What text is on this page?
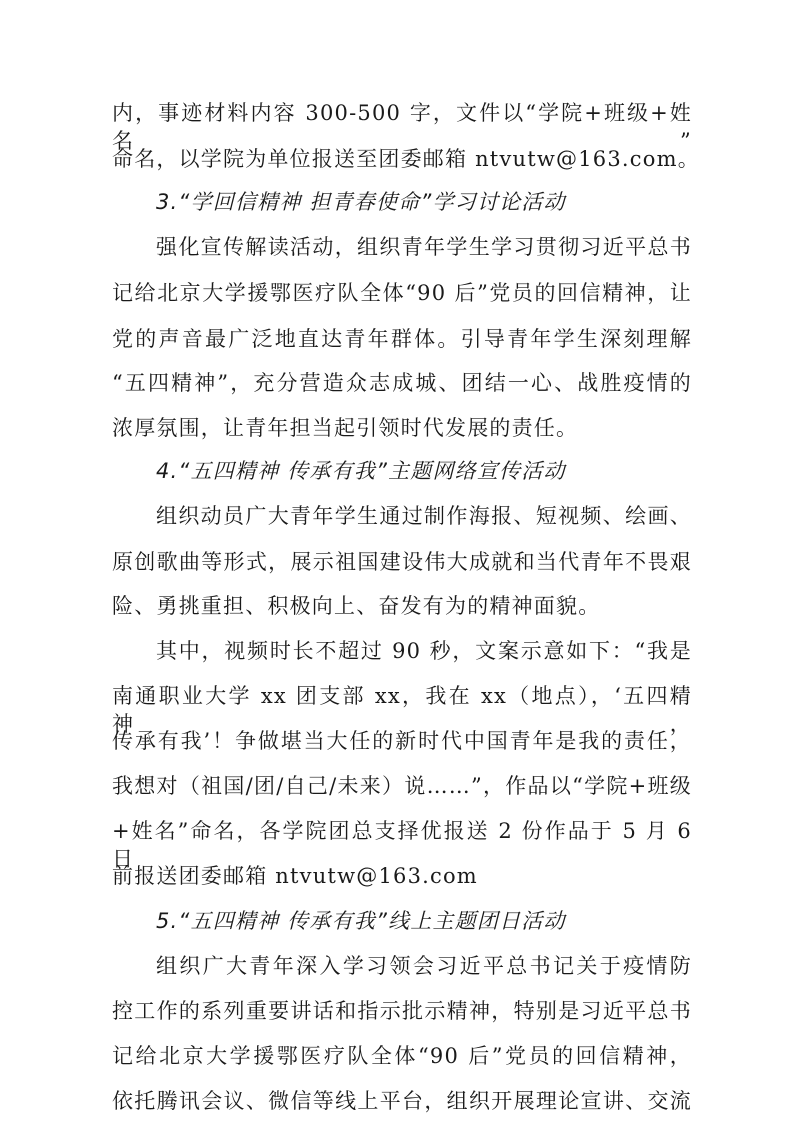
内，事迹材料内容 300-500 字，文件以“学院+班级+姓名”
命名，以学院为单位报送至团委邮箱 ntvutw@163.com。
3.“学回信精神 担青春使命”学习讨论活动
强化宣传解读活动，组织青年学生学习贯彻习近平总书
记给北京大学援鄂医疗队全体“90 后”党员的回信精神，让
党的声音最广泛地直达青年群体。引导青年学生深刻理解
“五四精神”，充分营造众志成城、团结一心、战胜疫情的
浓厚氛围，让青年担当起引领时代发展的责任。
4.“五四精神 传承有我”主题网络宣传活动
组织动员广大青年学生通过制作海报、短视频、绘画、
原创歌曲等形式，展示祖国建设伟大成就和当代青年不畏艰
险、勇挑重担、积极向上、奋发有为的精神面貌。
其中，视频时长不超过 90 秒，文案示意如下：“我是
南通职业大学 xx 团支部 xx，我在 xx（地点），‘五四精神，
传承有我’！争做堪当大任的新时代中国青年是我的责任，
我想对（祖国/团/自己/未来）说……”，作品以“学院+班级
+姓名”命名，各学院团总支择优报送 2 份作品于 5 月 6 日
前报送团委邮箱 ntvutw@163.com
5.“五四精神 传承有我”线上主题团日活动
组织广大青年深入学习领会习近平总书记关于疫情防
控工作的系列重要讲话和指示批示精神，特别是习近平总书
记给北京大学援鄂医疗队全体“90 后”党员的回信精神，
依托腾讯会议、微信等线上平台，组织开展理论宣讲、交流
